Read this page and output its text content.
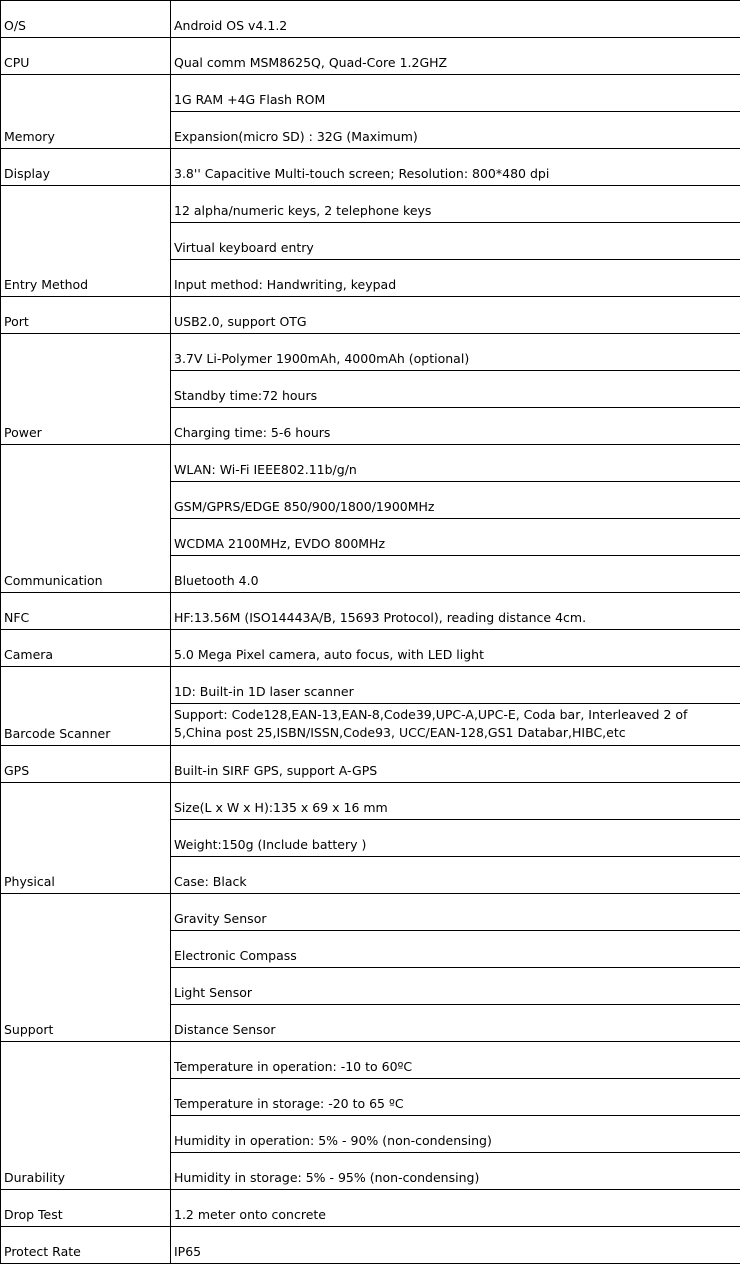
O/S	Android OS v4.1.2
CPU	Qual comm MSM8625Q, Quad-Core 1.2GHZ
Memory	1G RAM +4G Flash ROM
	Expansion(micro SD) : 32G (Maximum)
Display	3.8'' Capacitive Multi-touch screen; Resolution: 800*480 dpi
Entry Method	12 alpha/numeric keys, 2 telephone keys
	Virtual keyboard entry
	Input method: Handwriting, keypad
Port	USB2.0, support OTG
Power	3.7V Li-Polymer 1900mAh, 4000mAh (optional)
	Standby time:72 hours
	Charging time: 5-6 hours
Communication	WLAN: Wi-Fi IEEE802.11b/g/n
	GSM/GPRS/EDGE 850/900/1800/1900MHz
	WCDMA 2100MHz, EVDO 800MHz
	Bluetooth 4.0
NFC	HF:13.56M (ISO14443A/B, 15693 Protocol), reading distance 4cm.
Camera	5.0 Mega Pixel camera, auto focus, with LED light
Barcode Scanner	1D: Built-in 1D laser scanner
	Support: Code128,EAN-13,EAN-8,Code39,UPC-A,UPC-E, Coda bar, Interleaved 2 of 5,China post 25,ISBN/ISSN,Code93, UCC/EAN-128,GS1 Databar,HIBC,etc
GPS	Built-in SIRF GPS, support A-GPS
Physical	Size(L x W x H):135 x 69 x 16 mm
	Weight:150g (Include battery )
	Case: Black
Support	Gravity Sensor
	Electronic Compass
	Light Sensor
	Distance Sensor
Durability	Temperature in operation: -10 to 60ºC
	Temperature in storage: -20 to 65 ºC
	Humidity in operation: 5% - 90% (non-condensing)
	Humidity in storage: 5% - 95% (non-condensing)
Drop Test	1.2 meter onto concrete
Protect Rate	IP65
